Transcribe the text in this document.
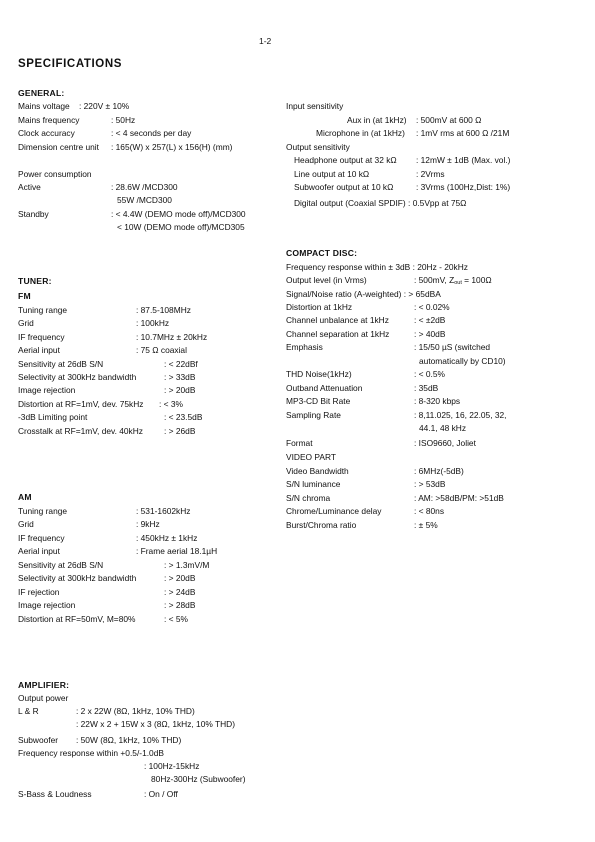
1-2
SPECIFICATIONS
GENERAL:
Mains voltage : 220V ± 10%
Mains frequency	: 50Hz
Clock accuracy	: < 4 seconds per day
Dimension centre unit : 165(W) x 257(L) x 156(H) (mm)
Power consumption
Active	: 28.6W /MCD300
55W /MCD300
Standby	: < 4.4W (DEMO mode off)/MCD300
< 10W (DEMO mode off)/MCD305
TUNER:
FM
Tuning range	: 87.5-108MHz
Grid	: 100kHz
IF frequency	: 10.7MHz ± 20kHz
Aerial input	: 75 Ω coaxial
Sensitivity at 26dB S/N	: < 22dBf
Selectivity at 300kHz bandwidth	: > 33dB
Image rejection	: > 20dB
Distortion at RF=1mV, dev. 75kHz : < 3%
-3dB Limiting point	: < 23.5dB
Crosstalk at RF=1mV, dev. 40kHz	: > 26dB
AM
Tuning range	: 531-1602kHz
Grid	: 9kHz
IF frequency	: 450kHz ± 1kHz
Aerial input	: Frame aerial 18.1µH
Sensitivity at 26dB S/N	: > 1.3mV/M
Selectivity at 300kHz bandwidth	: > 20dB
IF rejection	: > 24dB
Image rejection	: > 28dB
Distortion at RF=50mV, M=80%	: < 5%
AMPLIFIER:
Output power
L & R	: 2 x 22W (8Ω, 1kHz, 10% THD)
: 22W x 2 + 15W x 3 (8Ω, 1kHz, 10% THD)
Subwoofer : 50W (8Ω, 1kHz, 10% THD)
Frequency response within +0.5/-1.0dB
: 100Hz-15kHz
80Hz-300Hz (Subwoofer)
S-Bass & Loudness	: On / Off
Input sensitivity
Aux in (at 1kHz) : 500mV at 600 Ω
Microphone in (at 1kHz) : 1mV rms at 600 Ω /21M
Output sensitivity
Headphone output at 32 kΩ : 12mW ± 1dB (Max. vol.)
Line output at 10 kΩ	: 2Vrms
Subwoofer output at 10 kΩ	: 3Vrms (100Hz,Dist: 1%)
Digital output (Coaxial SPDIF) : 0.5Vpp at 75Ω
COMPACT DISC:
Frequency response within ± 3dB : 20Hz - 20kHz
Output level (in Vrms)	: 500mV, $Z_{out} = 100\Omega$
Signal/Noise ratio (A-weighted) : > 65dBA
Distortion at 1kHz	: < 0.02%
Channel unbalance at 1kHz	: < ±2dB
Channel separation at 1kHz	: > 40dB
Emphasis	: 15/50 µS (switched
automatically by CD10)
THD Noise(1kHz)	: < 0.5%
Outband Attenuation	: 35dB
MP3-CD Bit Rate	: 8-320 kbps
Sampling Rate	: 8,11.025, 16, 22.05, 32,
44.1, 48 kHz
Format	: ISO9660, Joliet
VIDEO PART
Video Bandwidth	: 6MHz(-5dB)
S/N luminance	: > 53dB
S/N chroma	: AM: >58dB/PM: >51dB
Chrome/Luminance delay	: < 80ns
Burst/Chroma ratio	: ± 5%
